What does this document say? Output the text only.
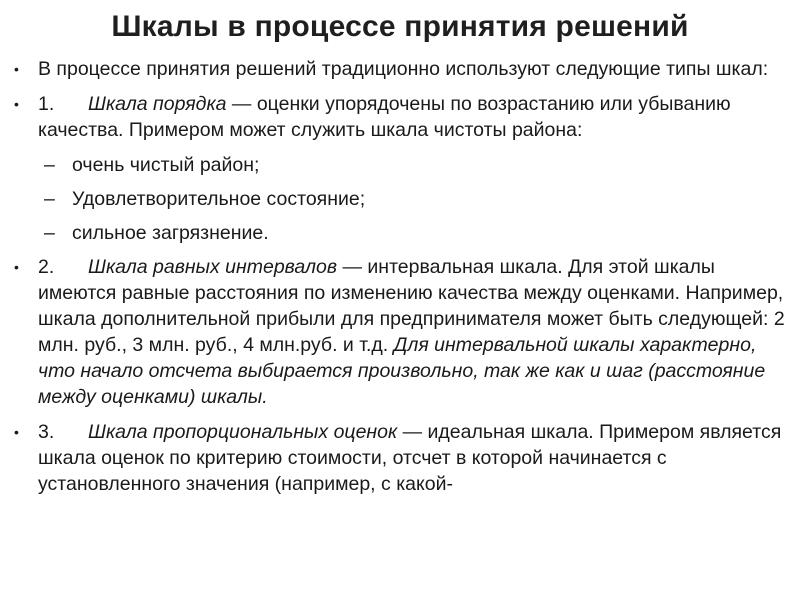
Шкалы в процессе принятия решений
• В процессе принятия решений традиционно используют следующие типы шкал:
• 1. Шкала порядка — оценки упорядочены по возрастанию или убыванию качества. Примером может служить шкала чистоты района:
– очень чистый район;
– Удовлетворительное состояние;
– сильное загрязнение.
• 2. Шкала равных интервалов — интервальная шкала. Для этой шкалы имеются равные расстояния по изменению качества между оценками. Например, шкала дополнительной прибыли для предпринимателя может быть следующей: 2 млн. руб., 3 млн. руб., 4 млн.руб. и т.д. Для интервальной шкалы характерно, что начало отсчета выбирается произвольно, так же как и шаг (расстояние между оценками) шкалы.
• 3. Шкала пропорциональных оценок — идеальная шкала. Примером является шкала оценок по критерию стоимости, отсчет в которой начинается с установленного значения (например, с какой-
